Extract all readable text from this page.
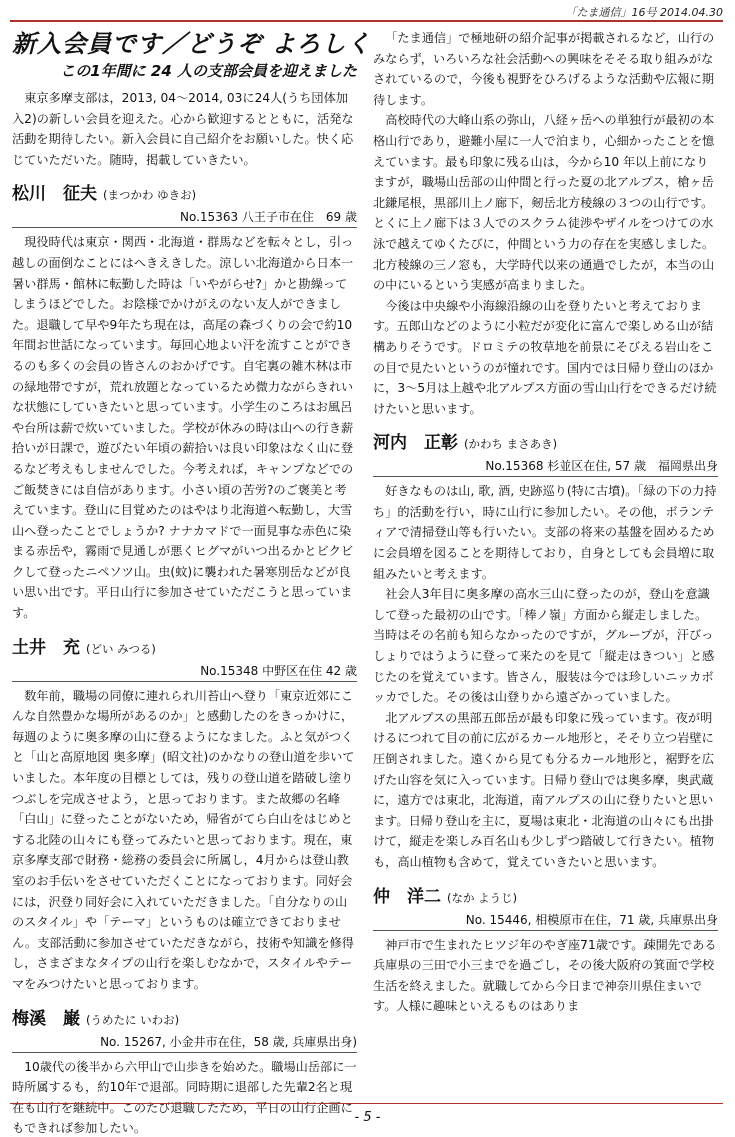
「たま通信」16号 2014.04.30
新入会員です／どうぞ よろしく
この1年間に 24 人の支部会員を迎えました

東京多摩支部は，2013, 04～2014, 03に24人(うち団体加入2)の新しい会員を迎えた。心から歓迎するとともに，活発な活動を期待したい。新入会員に自己紹介をお願いした。快く応じていただいた。随時，掲載していきたい。

松川　征夫 (まつかわ ゆきお)
No.15363 八王子市在住　69 歳

現役時代は東京・関西・北海道・群馬などを転々とし，引っ越しの面倒なことにはへきえきした。涼しい北海道から日本一暑い群馬・館林に転勤した時は「いやがらせ?」かと勘繰ってしまうほどでした。お陰様でかけがえのない友人ができました。退職して早や9年たち現在は，高尾の森づくりの会で約10年間お世話になっています。毎回心地よい汗を流すことができるのも多くの会員の皆さんのおかげです。自宅裏の雑木林は市の緑地帯ですが，荒れ放題となっているため微力ながらきれいな状態にしていきたいと思っています。小学生のころはお風呂や台所は薪で炊いていました。学校が休みの時は山への行き薪拾いが日課で，遊びたい年頃の薪拾いは良い印象はなく山に登るなど考えもしませんでした。今考えれば，キャンプなどでのご飯焚きには自信があります。小さい頃の苦労?のご褒美と考えています。登山に目覚めたのはやはり北海道へ転勤し，大雪山へ登ったことでしょうか? ナナカマドで一面見事な赤色に染まる赤岳や，霧雨で見通しが悪くヒグマがいつ出るかとビクビクして登ったニペソツ山。虫(蚊)に襲われた暑寒別岳などが良い思い出です。平日山行に参加させていただこうと思っています。

土井　充 (どい みつる)
No.15348 中野区在住 42 歳

数年前，職場の同僚に連れられ川苔山へ登り「東京近郊にこんな自然豊かな場所があるのか」と感動したのをきっかけに，毎週のように奥多摩の山に登るようになました。ふと気がつくと「山と高原地図 奥多摩」(昭文社)のかなりの登山道を歩いていました。本年度の目標としては，残りの登山道を踏破し塗りつぶしを完成させよう，と思っております。また故郷の名峰「白山」に登ったことがないため，帰省がてら白山をはじめとする北陸の山々にも登ってみたいと思っております。現在，東京多摩支部で財務・総務の委員会に所属し，4月からは登山教室のお手伝いをさせていただくことになっております。同好会には，沢登り同好会に入れていただきました。「自分なりの山のスタイル」や「テーマ」というものは確立できておりません。支部活動に参加させていただきながら，技術や知識を修得し，さまざまなタイプの山行を楽しむなかで，スタイルやテーマをみつけたいと思っております。

梅溪　巌 (うめたに いわお)
No. 15267, 小金井市在住，58 歳, 兵庫県出身)

10歳代の後半から六甲山で山歩きを始めた。職場山岳部に一時所属するも，約10年で退部。同時期に退部した先輩2名と現在も山行を継続中。このたび退職したため，平日の山行企画にもできれば参加したい。

「たま通信」で極地研の紹介記事が掲載されるなど，山行のみならず，いろいろな社会活動への興味をそそる取り組みがなされているので，今後も視野をひろげるような活動や広報に期待します。

高校時代の大峰山系の弥山，八経ヶ岳への単独行が最初の本格山行であり，避難小屋に一人で泊まり，心細かったことを憶えています。最も印象に残る山は，今から10 年以上前になりますが，職場山岳部の山仲間と行った夏の北アルプス，槍ヶ岳北鎌尾根，黒部川上ノ廊下，剱岳北方稜線の３つの山行です。とくに上ノ廊下は３人でのスクラム徒渉やザイルをつけての水泳で越えてゆくたびに，仲間という力の存在を実感しました。北方稜線の三ノ窓も，大学時代以来の通過でしたが，本当の山の中にいるという実感が高まりました。

今後は中央線や小海線沿線の山を登りたいと考えております。五郎山などのように小粒だが変化に富んで楽しめる山が結構ありそうです。ドロミテの牧草地を前景にそびえる岩山をこの目で見たいというのが憧れです。国内では日帰り登山のほかに，3～5月は上越や北アルプス方面の雪山山行をできるだけ続けたいと思います。

河内　正彰 (かわち まさあき)
No.15368 杉並区在住, 57 歳　福岡県出身

好きなものは山, 歌, 酒, 史跡巡り(特に古墳)。「緑の下の力持ち」的活動を行い，時に山行に参加したい。その他，ボランティアで清掃登山等も行いたい。支部の将来の基盤を固めるために会員増を図ることを期待しており，自身としても会員増に取組みたいと考えます。

社会人3年目に奥多摩の高水三山に登ったのが，登山を意識して登った最初の山です。「棒ノ嶺」方面から縦走しました。当時はその名前も知らなかったのですが，グループが，汗びっしょりではうように登って来たのを見て「縦走はきつい」と感じたのを覚えています。皆さん，服装は今では珍しいニッカボッカでした。その後は山登りから遠ざかっていました。

北アルプスの黒部五郎岳が最も印象に残っています。夜が明けるにつれて目の前に広がるカール地形と，そそり立つ岩壁に圧倒されました。遠くから見ても分るカール地形と，裾野を広げた山容を気に入っています。日帰り登山では奥多摩，奥武蔵に，遠方では東北，北海道，南アルプスの山に登りたいと思います。日帰り登山を主に，夏場は東北・北海道の山々にも出掛けて，縦走を楽しみ百名山も少しずつ踏破して行きたい。植物も，高山植物も含めて，覚えていきたいと思います。

仲　洋二 (なか ようじ)
No. 15446, 相模原市在住，71 歳, 兵庫県出身

神戸市で生まれたヒツジ年のやぎ座71歳です。疎開先である兵庫県の三田で小三までを過ごし，その後大阪府の箕面で学校生活を終えました。就職してから今日まで神奈川県住まいです。人様に趣味といえるものはありま

- 5 -
